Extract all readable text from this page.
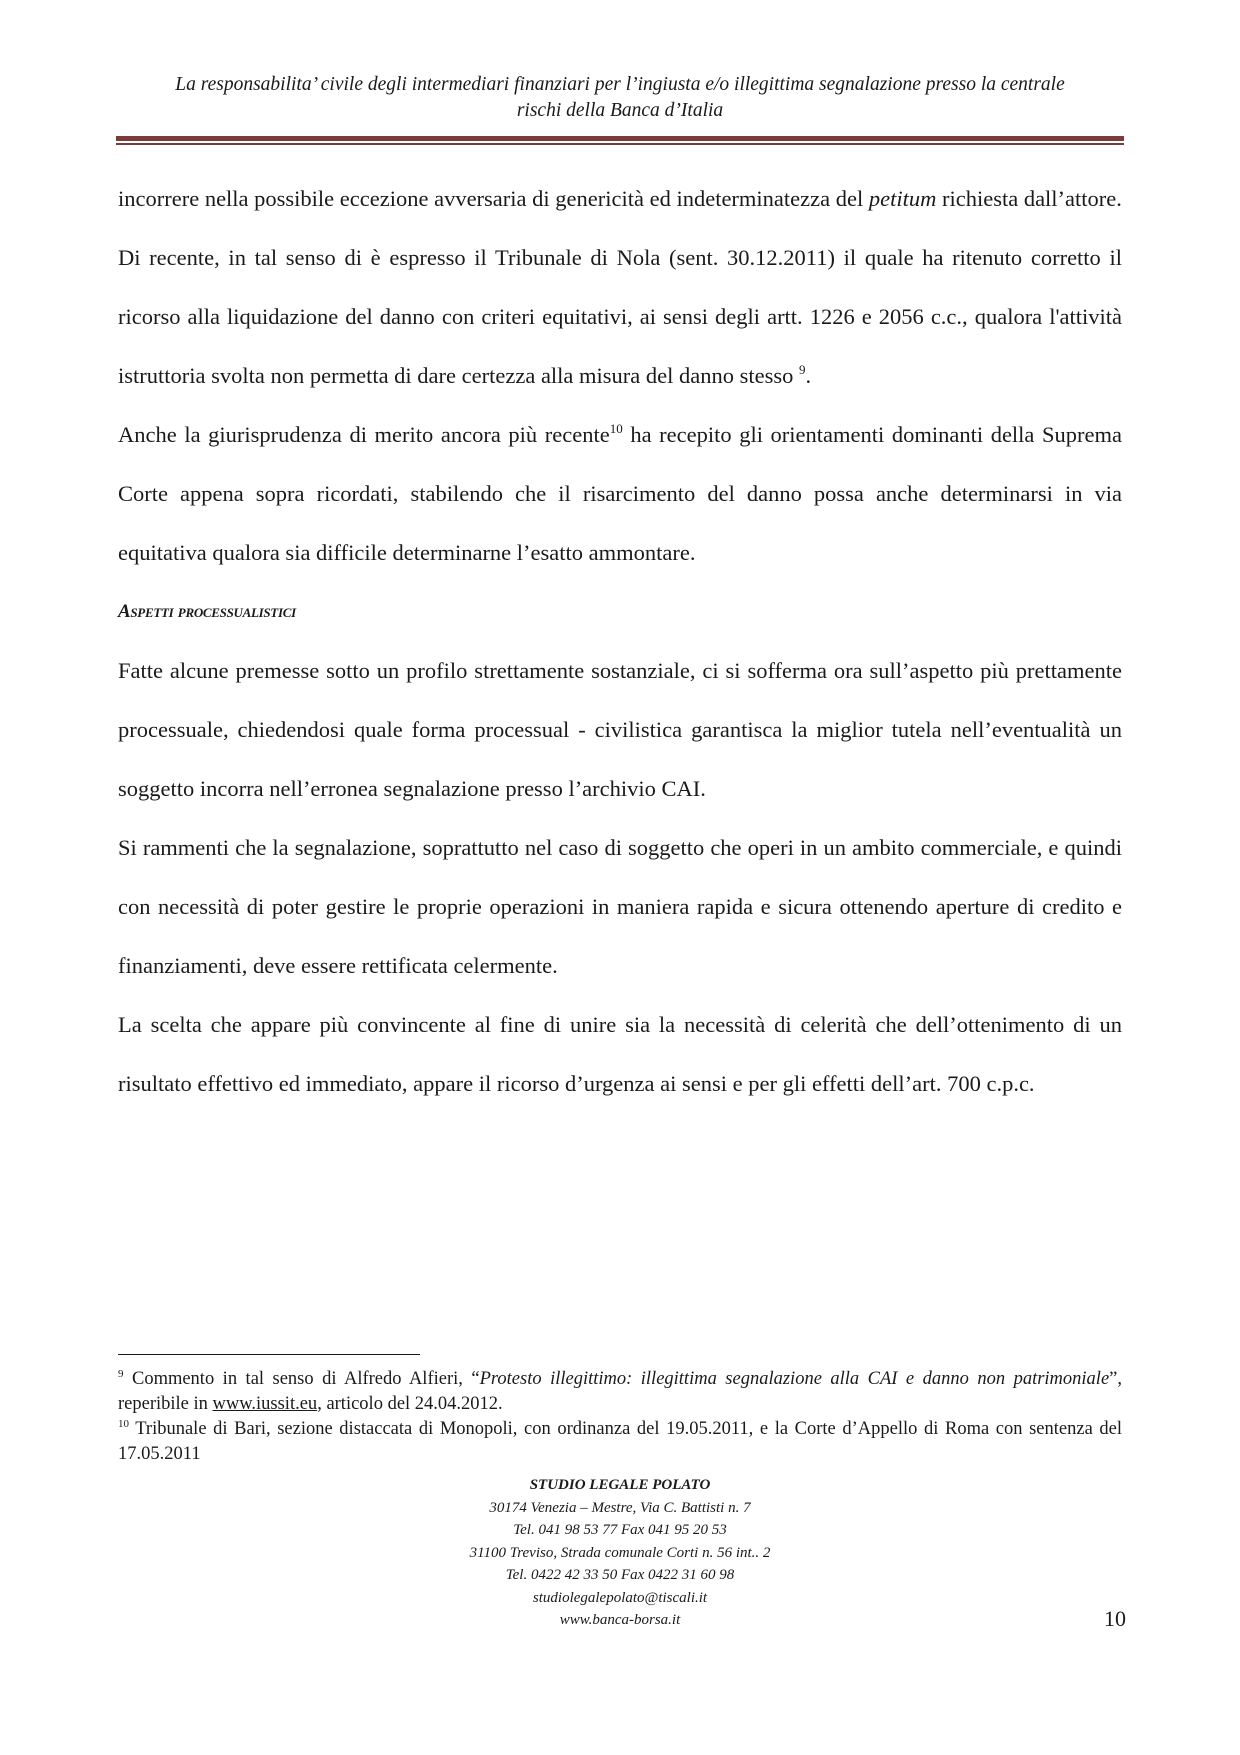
La responsabilita’ civile degli intermediari finanziari per l’ingiusta e/o illegittima segnalazione presso la centrale
rischi della Banca d’Italia

incorrere nella possibile eccezione avversaria di genericità ed indeterminatezza del petitum richiesta dall’attore.

Di recente, in tal senso di è espresso il Tribunale di Nola (sent. 30.12.2011) il quale ha ritenuto corretto il ricorso alla liquidazione del danno con criteri equitativi, ai sensi degli artt. 1226 e 2056 c.c., qualora l'attività istruttoria svolta non permetta di dare certezza alla misura del danno stesso $^9$.

Anche la giurisprudenza di merito ancora più recente$^{10}$ ha recepito gli orientamenti dominanti della Suprema Corte appena sopra ricordati, stabilendo che il risarcimento del danno possa anche determinarsi in via equitativa qualora sia difficile determinarne l’esatto ammontare.

Aspetti processualistici

Fatte alcune premesse sotto un profilo strettamente sostanziale, ci si sofferma ora sull’aspetto più prettamente processuale, chiedendosi quale forma processual - civilistica garantisca la miglior tutela nell’eventualità un soggetto incorra nell’erronea segnalazione presso l’archivio CAI.

Si rammenti che la segnalazione, soprattutto nel caso di soggetto che operi in un ambito commerciale, e quindi con necessità di poter gestire le proprie operazioni in maniera rapida e sicura ottenendo aperture di credito e finanziamenti, deve essere rettificata celermente.

La scelta che appare più convincente al fine di unire sia la necessità di celerità che dell’ottenimento di un risultato effettivo ed immediato, appare il ricorso d’urgenza ai sensi e per gli effetti dell’art. 700 c.p.c.

$^9$ Commento in tal senso di Alfredo Alfieri, “Protesto illegittimo: illegittima segnalazione alla CAI e danno non patrimoniale”, reperibile in www.iussit.eu, articolo del 24.04.2012.

$^{10}$ Tribunale di Bari, sezione distaccata di Monopoli, con ordinanza del 19.05.2011, e la Corte d’Appello di Roma con sentenza del 17.05.2011

STUDIO LEGALE POLATO
30174 Venezia – Mestre, Via C. Battisti n. 7
Tel. 041 98 53 77 Fax 041 95 20 53
31100 Treviso, Strada comunale Corti n. 56 int.. 2
Tel. 0422 42 33 50 Fax 0422 31 60 98
studiolegalepolato@tiscali.it
www.banca-borsa.it	10
